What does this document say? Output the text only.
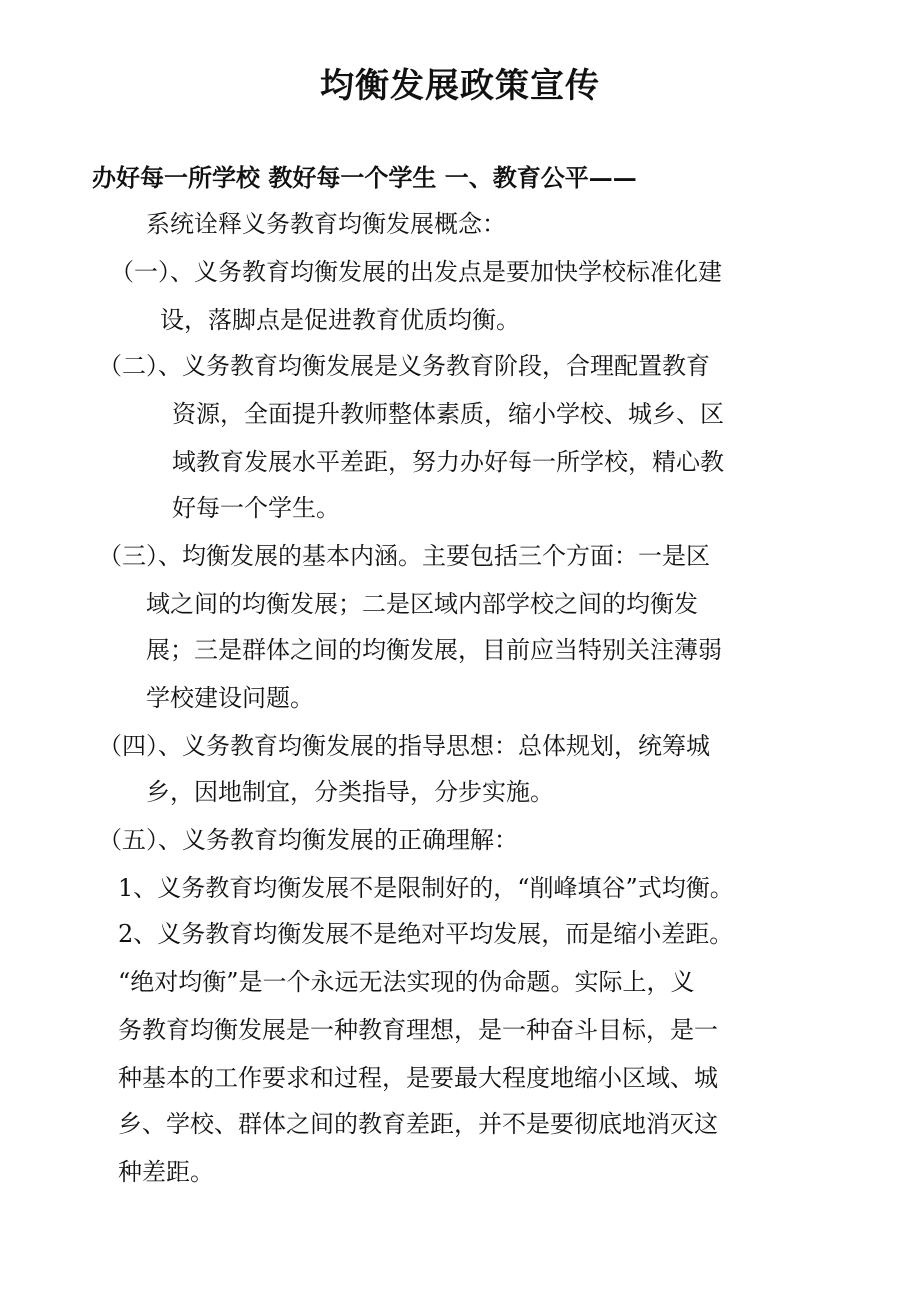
均衡发展政策宣传
办好每一所学校 教好每一个学生 一、教育公平——
系统诠释义务教育均衡发展概念：
（一）、义务教育均衡发展的出发点是要加快学校标准化建
设，落脚点是促进教育优质均衡。
（二）、义务教育均衡发展是义务教育阶段，合理配置教育
资源，全面提升教师整体素质，缩小学校、城乡、区
域教育发展水平差距，努力办好每一所学校，精心教
好每一个学生。
（三）、均衡发展的基本内涵。主要包括三个方面：一是区
域之间的均衡发展；二是区域内部学校之间的均衡发
展；三是群体之间的均衡发展，目前应当特别关注薄弱
学校建设问题。
（四）、义务教育均衡发展的指导思想：总体规划，统筹城
乡，因地制宜，分类指导，分步实施。
（五）、义务教育均衡发展的正确理解：
1、义务教育均衡发展不是限制好的，“削峰填谷”式均衡。
2、义务教育均衡发展不是绝对平均发展，而是缩小差距。
“绝对均衡”是一个永远无法实现的伪命题。实际上，义
务教育均衡发展是一种教育理想，是一种奋斗目标，是一
种基本的工作要求和过程，是要最大程度地缩小区域、城
乡、学校、群体之间的教育差距，并不是要彻底地消灭这
种差距。
